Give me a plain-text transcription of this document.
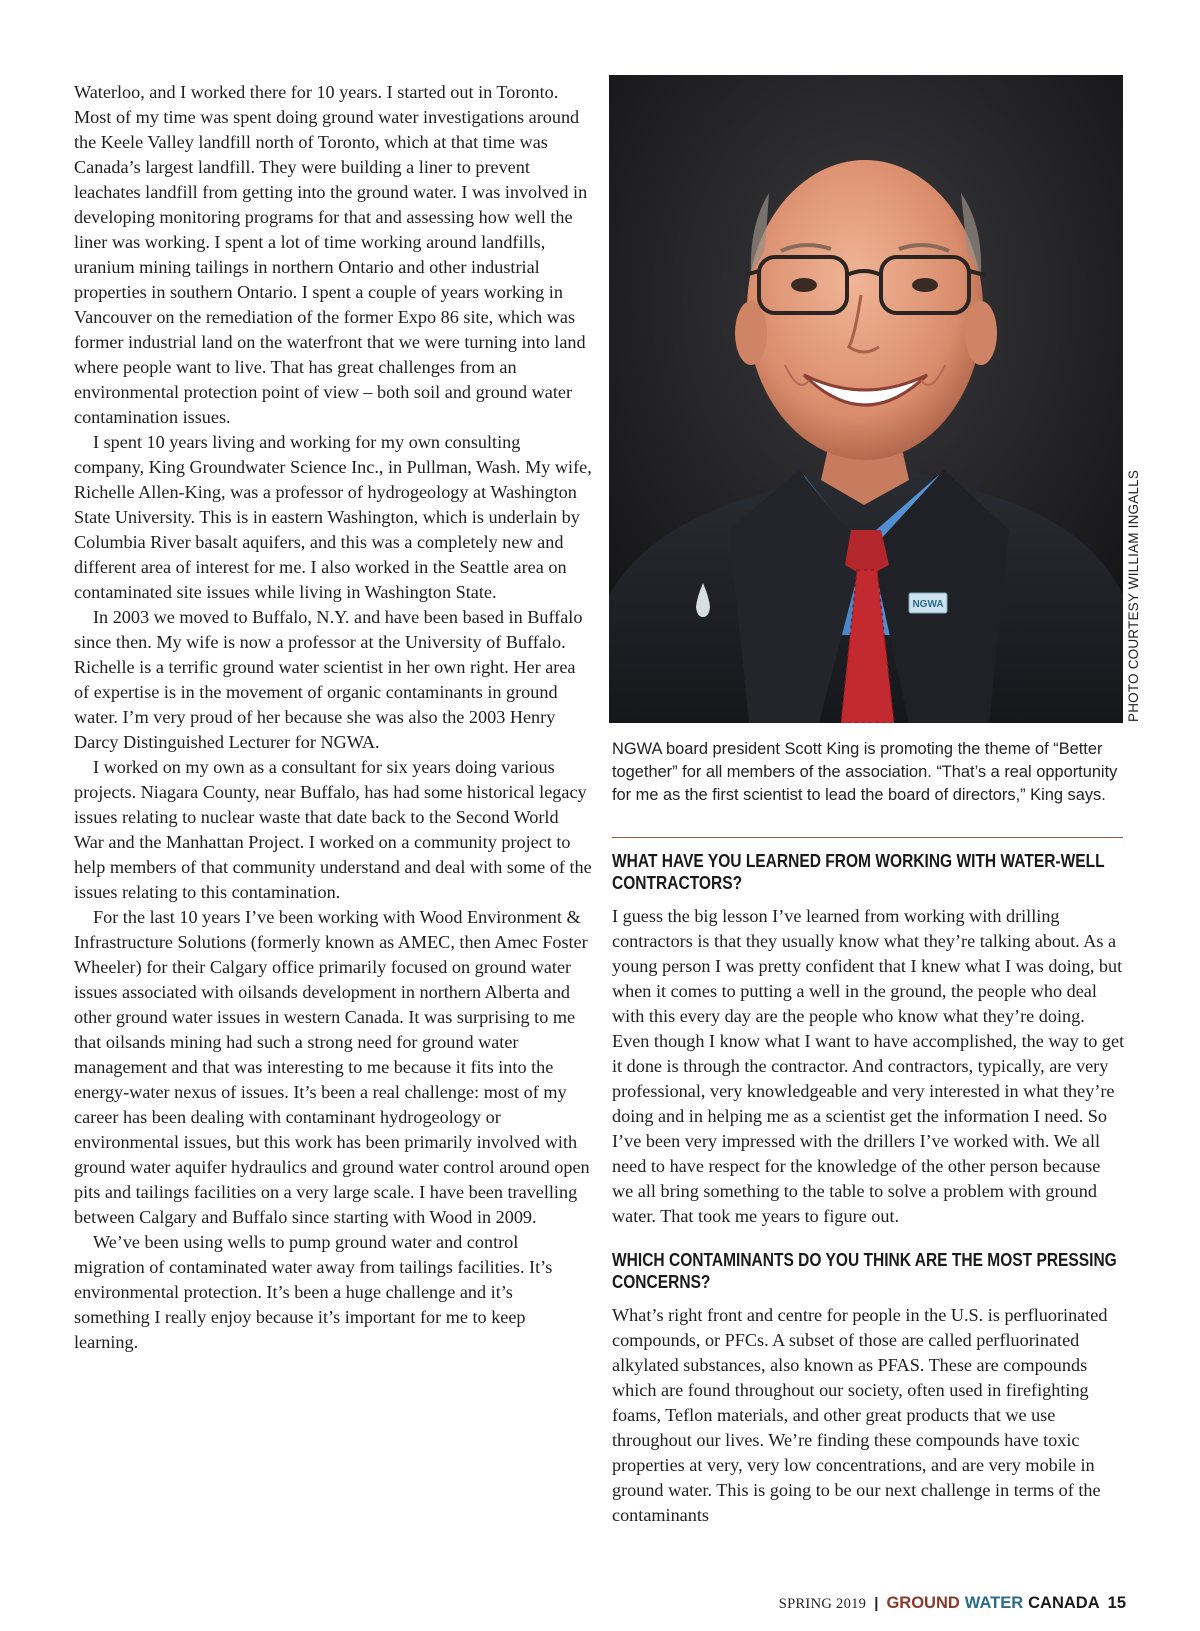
Waterloo, and I worked there for 10 years. I started out in Toronto. Most of my time was spent doing ground water investigations around the Keele Valley landfill north of Toronto, which at that time was Canada’s largest landfill. They were building a liner to prevent leachates landfill from getting into the ground water. I was involved in developing monitoring programs for that and assessing how well the liner was working. I spent a lot of time working around landfills, uranium mining tailings in northern Ontario and other industrial properties in southern Ontario. I spent a couple of years working in Vancouver on the remediation of the former Expo 86 site, which was former industrial land on the waterfront that we were turning into land where people want to live. That has great challenges from an environmental protection point of view – both soil and ground water contamination issues.

I spent 10 years living and working for my own consulting company, King Groundwater Science Inc., in Pullman, Wash. My wife, Richelle Allen-King, was a professor of hydrogeology at Washington State University. This is in eastern Washington, which is underlain by Columbia River basalt aquifers, and this was a completely new and different area of interest for me. I also worked in the Seattle area on contaminated site issues while living in Washington State.

In 2003 we moved to Buffalo, N.Y. and have been based in Buffalo since then. My wife is now a professor at the University of Buffalo. Richelle is a terrific ground water scientist in her own right. Her area of expertise is in the movement of organic contaminants in ground water. I’m very proud of her because she was also the 2003 Henry Darcy Distinguished Lecturer for NGWA.

I worked on my own as a consultant for six years doing various projects. Niagara County, near Buffalo, has had some historical legacy issues relating to nuclear waste that date back to the Second World War and the Manhattan Project. I worked on a community project to help members of that community understand and deal with some of the issues relating to this contamination.

For the last 10 years I’ve been working with Wood Environment & Infrastructure Solutions (formerly known as AMEC, then Amec Foster Wheeler) for their Calgary office primarily focused on ground water issues associated with oilsands development in northern Alberta and other ground water issues in western Canada. It was surprising to me that oilsands mining had such a strong need for ground water management and that was interesting to me because it fits into the energy-water nexus of issues. It’s been a real challenge: most of my career has been dealing with contaminant hydrogeology or environmental issues, but this work has been primarily involved with ground water aquifer hydraulics and ground water control around open pits and tailings facilities on a very large scale. I have been travelling between Calgary and Buffalo since starting with Wood in 2009.

We’ve been using wells to pump ground water and control migration of contaminated water away from tailings facilities. It’s environmental protection. It’s been a huge challenge and it’s something I really enjoy because it’s important for me to keep learning.

NGWA	PHOTO COURTESY WILLIAM INGALLS
NGWA board president Scott King is promoting the theme of “Better together” for all members of the association. “That’s a real opportunity for me as the first scientist to lead the board of directors,” King says.
WHAT HAVE YOU LEARNED FROM WORKING WITH WATER-WELL CONTRACTORS?

I guess the big lesson I’ve learned from working with drilling contractors is that they usually know what they’re talking about. As a young person I was pretty confident that I knew what I was doing, but when it comes to putting a well in the ground, the people who deal with this every day are the people who know what they’re doing. Even though I know what I want to have accomplished, the way to get it done is through the contractor. And contractors, typically, are very professional, very knowledgeable and very interested in what they’re doing and in helping me as a scientist get the information I need. So I’ve been very impressed with the drillers I’ve worked with. We all need to have respect for the knowledge of the other person because we all bring something to the table to solve a problem with ground water. That took me years to figure out.

WHICH CONTAMINANTS DO YOU THINK ARE THE MOST PRESSING CONCERNS?

What’s right front and centre for people in the U.S. is perfluorinated compounds, or PFCs. A subset of those are called perfluorinated alkylated substances, also known as PFAS. These are compounds which are found throughout our society, often used in firefighting foams, Teflon materials, and other great products that we use throughout our lives. We’re finding these compounds have toxic properties at very, very low concentrations, and are very mobile in ground water. This is going to be our next challenge in terms of the contaminants

SPRING 2019 | GROUND WATER CANADA 15
